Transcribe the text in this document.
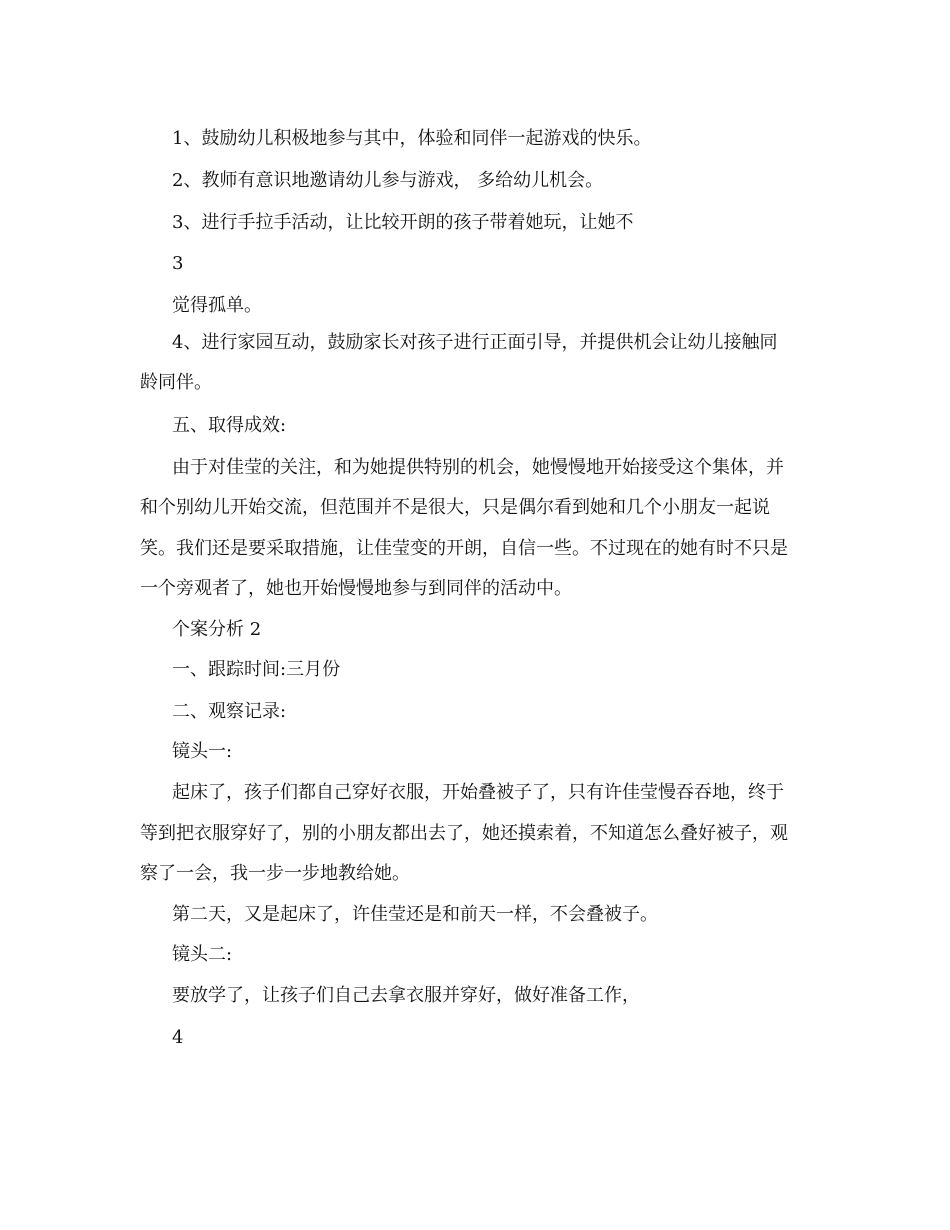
1、鼓励幼儿积极地参与其中，体验和同伴一起游戏的快乐。
2、教师有意识地邀请幼儿参与游戏， 多给幼儿机会。
3、进行手拉手活动，让比较开朗的孩子带着她玩，让她不
3
觉得孤单。
4、进行家园互动，鼓励家长对孩子进行正面引导，并提供机会让幼儿接触同
龄同伴。
五、取得成效:
由于对佳莹的关注，和为她提供特别的机会，她慢慢地开始接受这个集体，并
和个别幼儿开始交流，但范围并不是很大，只是偶尔看到她和几个小朋友一起说
笑。我们还是要采取措施，让佳莹变的开朗，自信一些。不过现在的她有时不只是
一个旁观者了，她也开始慢慢地参与到同伴的活动中。
个案分析 2
一、跟踪时间:三月份
二、观察记录:
镜头一:
起床了，孩子们都自己穿好衣服，开始叠被子了，只有许佳莹慢吞吞地，终于
等到把衣服穿好了，别的小朋友都出去了，她还摸索着，不知道怎么叠好被子，观
察了一会，我一步一步地教给她。
第二天，又是起床了，许佳莹还是和前天一样，不会叠被子。
镜头二:
要放学了，让孩子们自己去拿衣服并穿好，做好准备工作，
4
